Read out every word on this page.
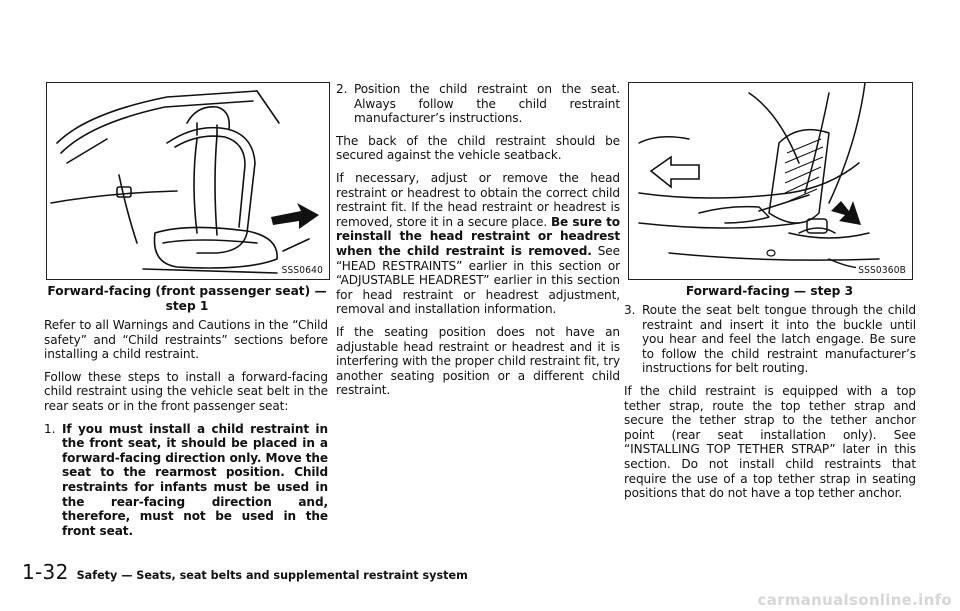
SSS0640
Forward-facing (front passenger seat) —
step 1

Refer to all Warnings and Cautions in the “Child safety” and “Child restraints” sections before installing a child restraint.

Follow these steps to install a forward-facing child restraint using the vehicle seat belt in the rear seats or in the front passenger seat:

1. If you must install a child restraint in the front seat, it should be placed in a forward-facing direction only. Move the seat to the rearmost position. Child restraints for infants must be used in the rear-facing direction and, therefore, must not be used in the front seat.
2. Position the child restraint on the seat. Always follow the child restraint manufacturer’s instructions.

The back of the child restraint should be secured against the vehicle seatback.

If necessary, adjust or remove the head restraint or headrest to obtain the correct child restraint fit. If the head restraint or headrest is removed, store it in a secure place. Be sure to reinstall the head restraint or headrest when the child restraint is removed. See “HEAD RESTRAINTS” earlier in this section or “ADJUSTABLE HEADREST” earlier in this section for head restraint or headrest adjustment, removal and installation information.

If the seating position does not have an adjustable head restraint or headrest and it is interfering with the proper child restraint fit, try another seating position or a different child restraint.

SSS0360B
Forward-facing — step 3
3. Route the seat belt tongue through the child restraint and insert it into the buckle until you hear and feel the latch engage. Be sure to follow the child restraint manufacturer’s instructions for belt routing.

If the child restraint is equipped with a top tether strap, route the top tether strap and secure the tether strap to the tether anchor point (rear seat installation only). See “INSTALLING TOP TETHER STRAP” later in this section. Do not install child restraints that require the use of a top tether strap in seating positions that do not have a top tether anchor.

1-32 Safety — Seats, seat belts and supplemental restraint system
carmanualsonline.info
